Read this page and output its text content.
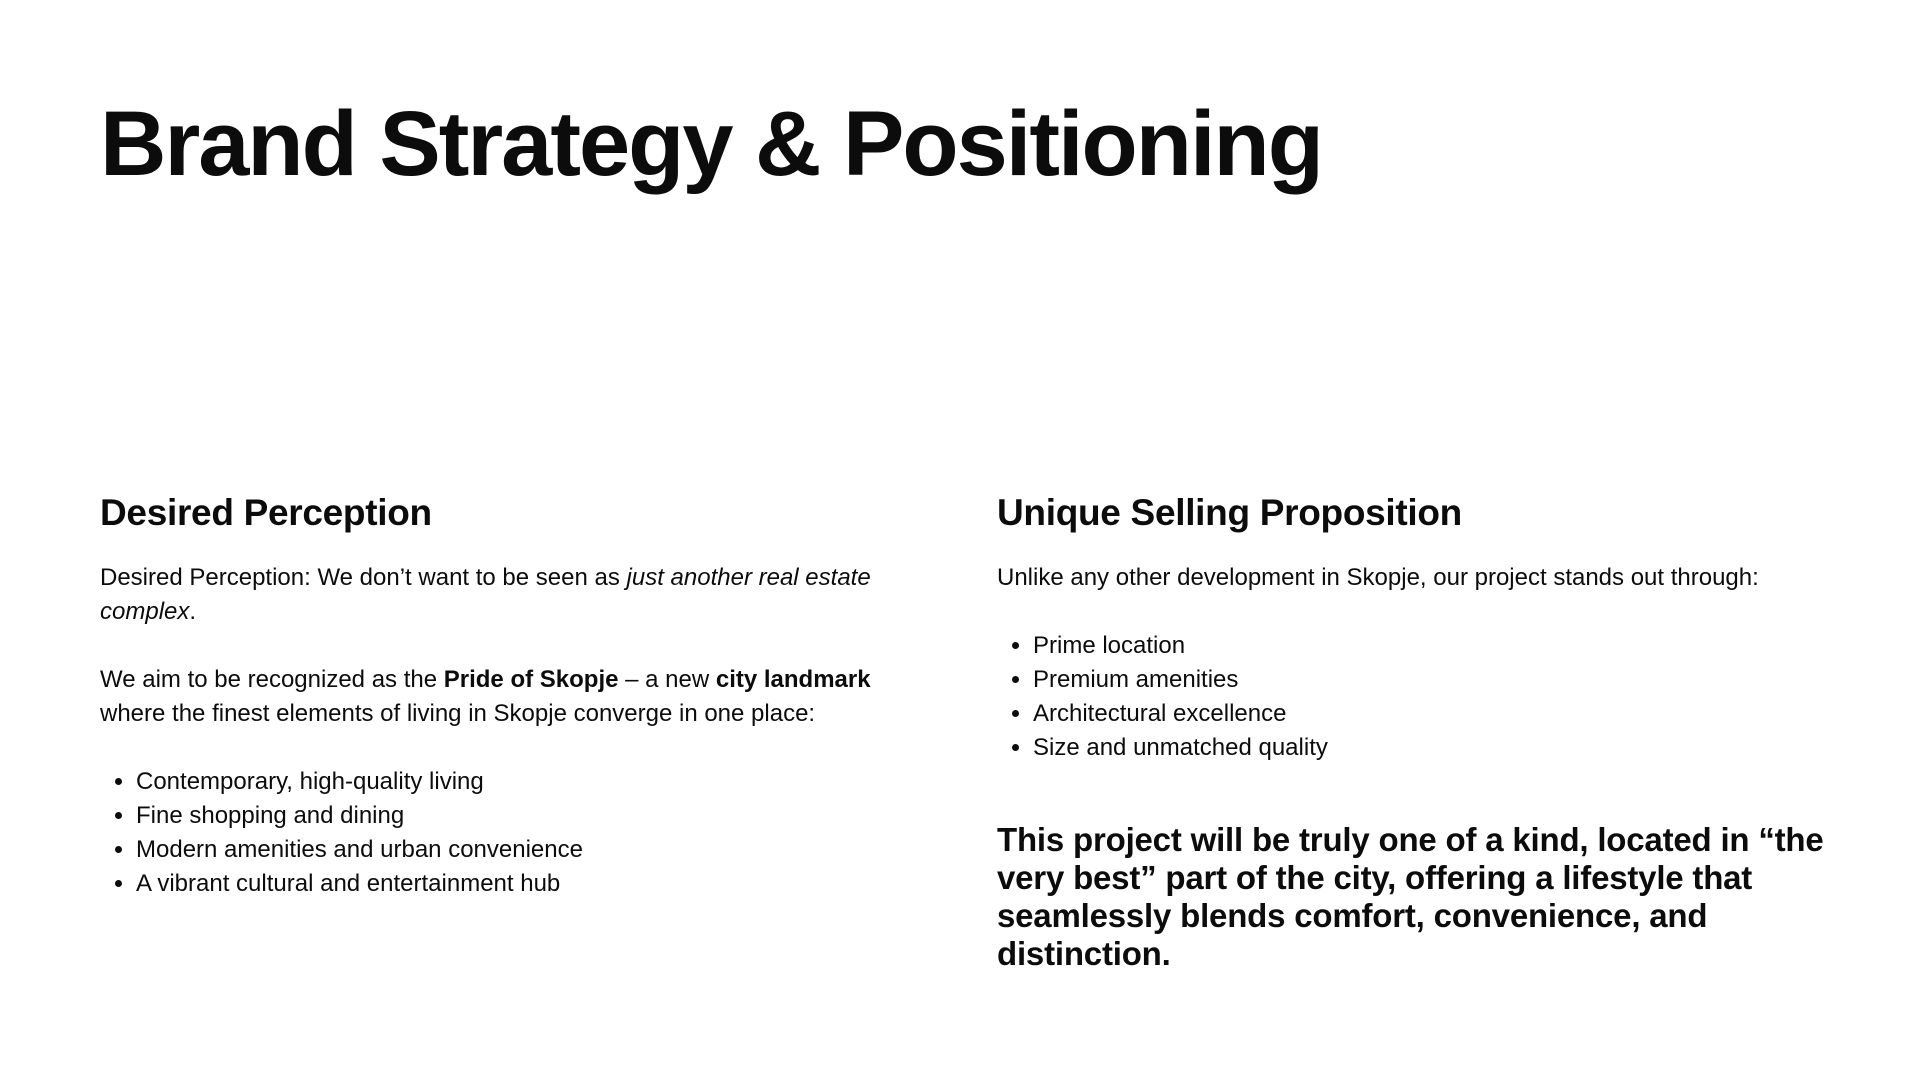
Brand Strategy & Positioning
Desired Perception

Desired Perception: We don’t want to be seen as just another real estate complex.

We aim to be recognized as the Pride of Skopje – a new city landmark where the finest elements of living in Skopje converge in one place:

• Contemporary, high-quality living
• Fine shopping and dining
• Modern amenities and urban convenience
• A vibrant cultural and entertainment hub
Unique Selling Proposition

Unlike any other development in Skopje, our project stands out through:

• Prime location
• Premium amenities
• Architectural excellence
• Size and unmatched quality

This project will be truly one of a kind, located in “the very best” part of the city, offering a lifestyle that seamlessly blends comfort, convenience, and distinction.
